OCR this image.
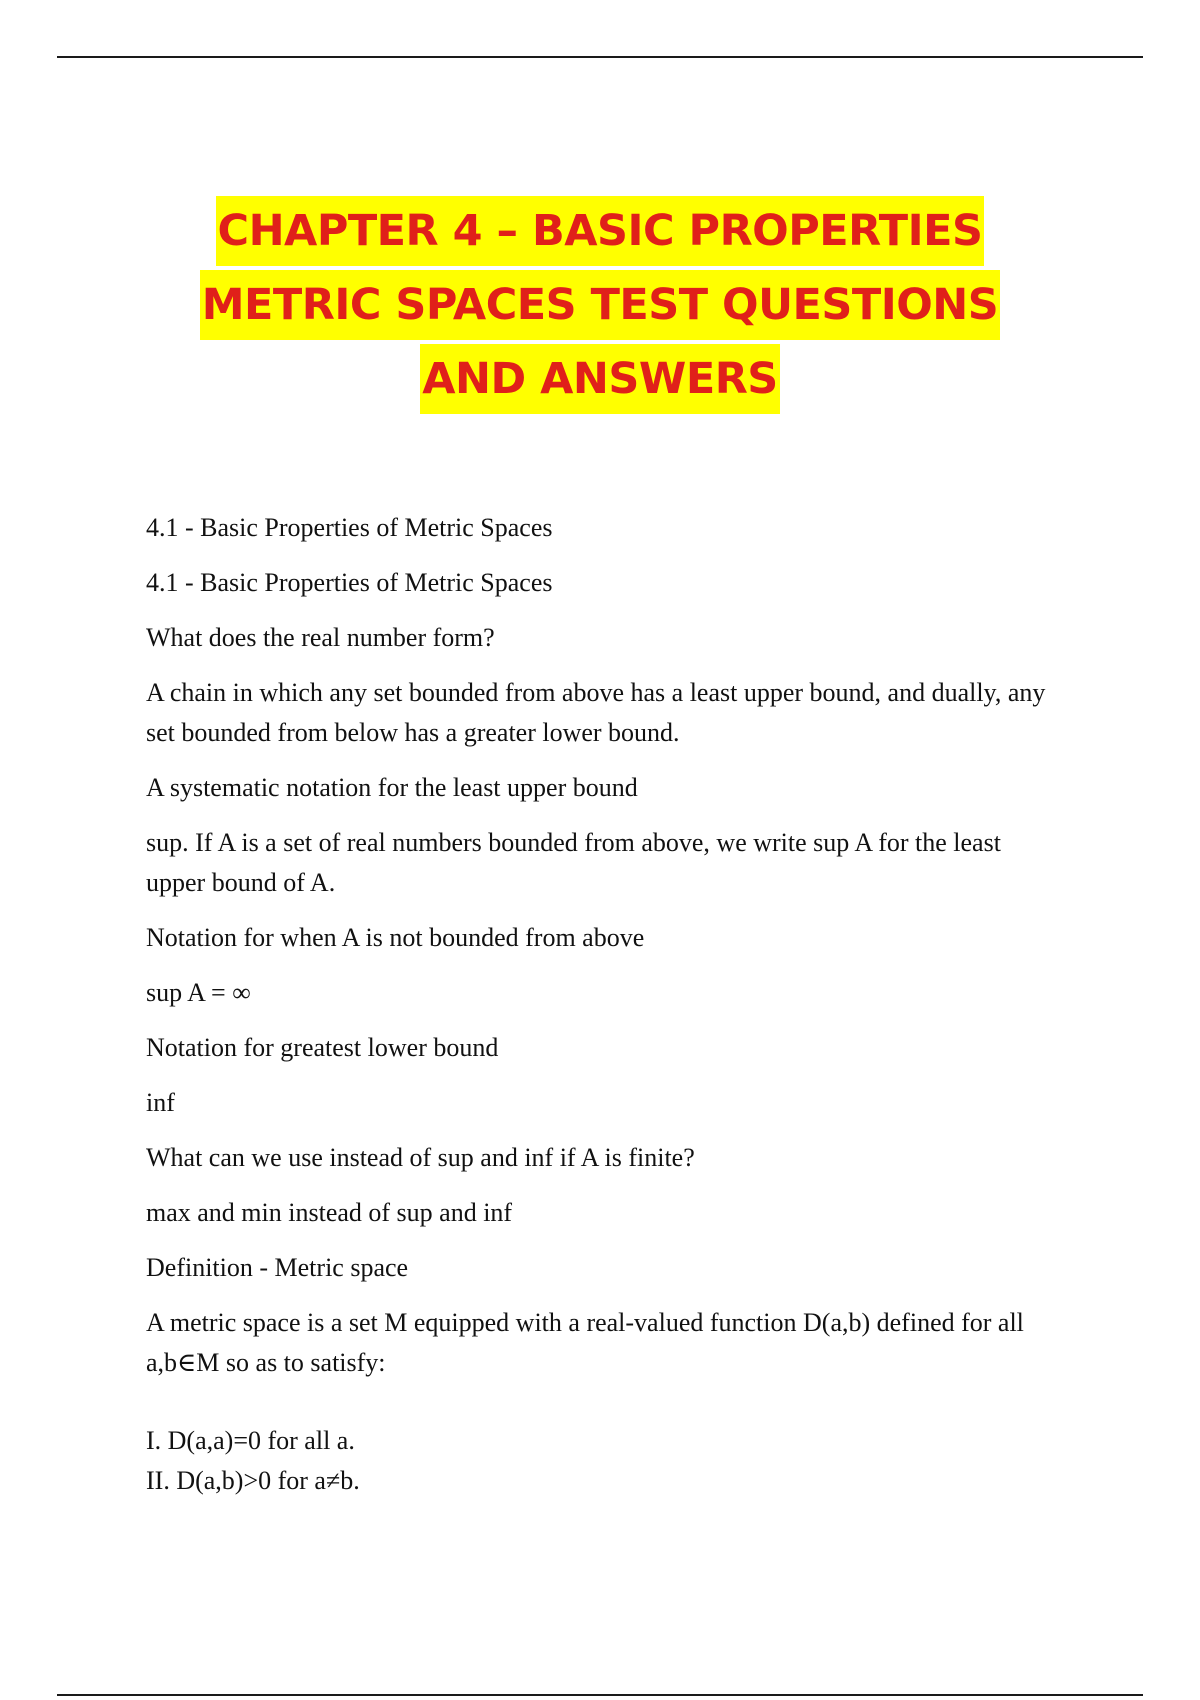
CHAPTER 4 – BASIC PROPERTIES
METRIC SPACES TEST QUESTIONS
AND ANSWERS

4.1 - Basic Properties of Metric Spaces

4.1 - Basic Properties of Metric Spaces

What does the real number form?

A chain in which any set bounded from above has a least upper bound, and dually, any set bounded from below has a greater lower bound.

A systematic notation for the least upper bound

sup. If A is a set of real numbers bounded from above, we write sup A for the least upper bound of A.

Notation for when A is not bounded from above

sup A = ∞

Notation for greatest lower bound

inf

What can we use instead of sup and inf if A is finite?

max and min instead of sup and inf

Definition - Metric space

A metric space is a set M equipped with a real-valued function D(a,b) defined for all a,b∈M so as to satisfy:

I. D(a,a)=0 for all a.

II. D(a,b)>0 for a≠b.
